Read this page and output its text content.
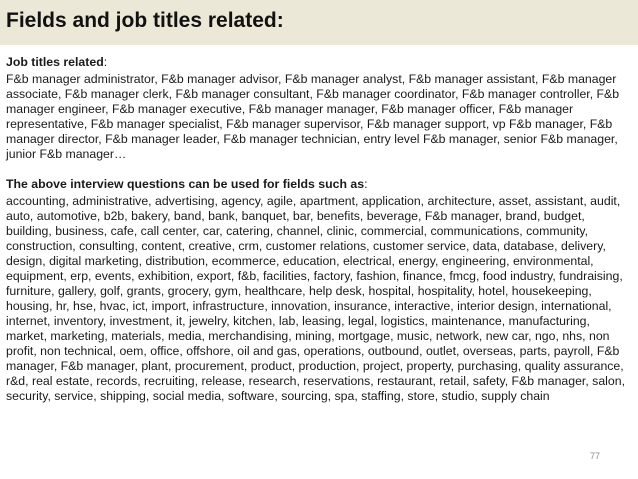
Fields and job titles related:
Job titles related:
F&b manager administrator, F&b manager advisor, F&b manager analyst, F&b manager assistant, F&b manager associate, F&b manager clerk, F&b manager consultant, F&b manager coordinator, F&b manager controller, F&b manager engineer, F&b manager executive, F&b manager manager, F&b manager officer, F&b manager representative, F&b manager specialist, F&b manager supervisor, F&b manager support, vp F&b manager, F&b manager director, F&b manager leader, F&b manager technician, entry level F&b manager, senior F&b manager, junior F&b manager…
The above interview questions can be used for fields such as:
accounting, administrative, advertising, agency, agile, apartment, application, architecture, asset, assistant, audit, auto, automotive, b2b, bakery, band, bank, banquet, bar, benefits, beverage, F&b manager, brand, budget, building, business, cafe, call center, car, catering, channel, clinic, commercial, communications, community, construction, consulting, content, creative, crm, customer relations, customer service, data, database, delivery, design, digital marketing, distribution, ecommerce, education, electrical, energy, engineering, environmental, equipment, erp, events, exhibition, export, f&b, facilities, factory, fashion, finance, fmcg, food industry, fundraising, furniture, gallery, golf, grants, grocery, gym, healthcare, help desk, hospital, hospitality, hotel, housekeeping, housing, hr, hse, hvac, ict, import, infrastructure, innovation, insurance, interactive, interior design, international, internet, inventory, investment, it, jewelry, kitchen, lab, leasing, legal, logistics, maintenance, manufacturing, market, marketing, materials, media, merchandising, mining, mortgage, music, network, new car, ngo, nhs, non profit, non technical, oem, office, offshore, oil and gas, operations, outbound, outlet, overseas, parts, payroll, F&b manager, F&b manager, plant, procurement, product, production, project, property, purchasing, quality assurance, r&d, real estate, records, recruiting, release, research, reservations, restaurant, retail, safety, F&b manager, salon, security, service, shipping, social media, software, sourcing, spa, staffing, store, studio, supply chain
77
